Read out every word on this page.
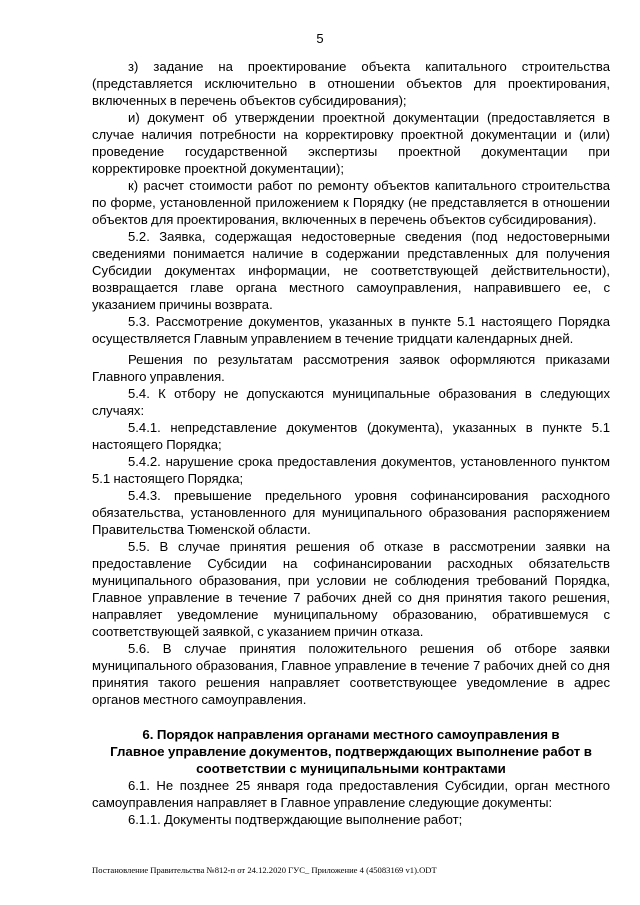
5

з) задание на проектирование объекта капитального строительства (представляется исключительно в отношении объектов для проектирования, включенных в перечень объектов субсидирования);

и) документ об утверждении проектной документации (предоставляется в случае наличия потребности на корректировку проектной документации и (или) проведение государственной экспертизы проектной документации при корректировке проектной документации);

к) расчет стоимости работ по ремонту объектов капитального строительства по форме, установленной приложением к Порядку (не представляется в отношении объектов для проектирования, включенных в перечень объектов субсидирования).

5.2. Заявка, содержащая недостоверные сведения (под недостоверными сведениями понимается наличие в содержании представленных для получения Субсидии документах информации, не соответствующей действительности), возвращается главе органа местного самоуправления, направившего ее, с указанием причины возврата.

5.3. Рассмотрение документов, указанных в пункте 5.1 настоящего Порядка осуществляется Главным управлением в течение тридцати календарных дней.

Решения по результатам рассмотрения заявок оформляются приказами Главного управления.

5.4. К отбору не допускаются муниципальные образования в следующих случаях:

5.4.1. непредставление документов (документа), указанных в пункте 5.1 настоящего Порядка;

5.4.2. нарушение срока предоставления документов, установленного пунктом 5.1 настоящего Порядка;

5.4.3. превышение предельного уровня софинансирования расходного обязательства, установленного для муниципального образования распоряжением Правительства Тюменской области.

5.5. В случае принятия решения об отказе в рассмотрении заявки на предоставление Субсидии на софинансировании расходных обязательств муниципального образования, при условии не соблюдения требований Порядка, Главное управление в течение 7 рабочих дней со дня принятия такого решения, направляет уведомление муниципальному образованию, обратившемуся с соответствующей заявкой, с указанием причин отказа.

5.6. В случае принятия положительного решения об отборе заявки муниципального образования, Главное управление в течение 7 рабочих дней со дня принятия такого решения направляет соответствующее уведомление в адрес органов местного самоуправления.

6. Порядок направления органами местного самоуправления в
Главное управление документов, подтверждающих выполнение работ в
соответствии с муниципальными контрактами

6.1. Не позднее 25 января года предоставления Субсидии, орган местного самоуправления направляет в Главное управление следующие документы:

6.1.1. Документы подтверждающие выполнение работ;

Постановление Правительства №812-п от 24.12.2020 ГУС_ Приложение 4 (45083169 v1).ODT
